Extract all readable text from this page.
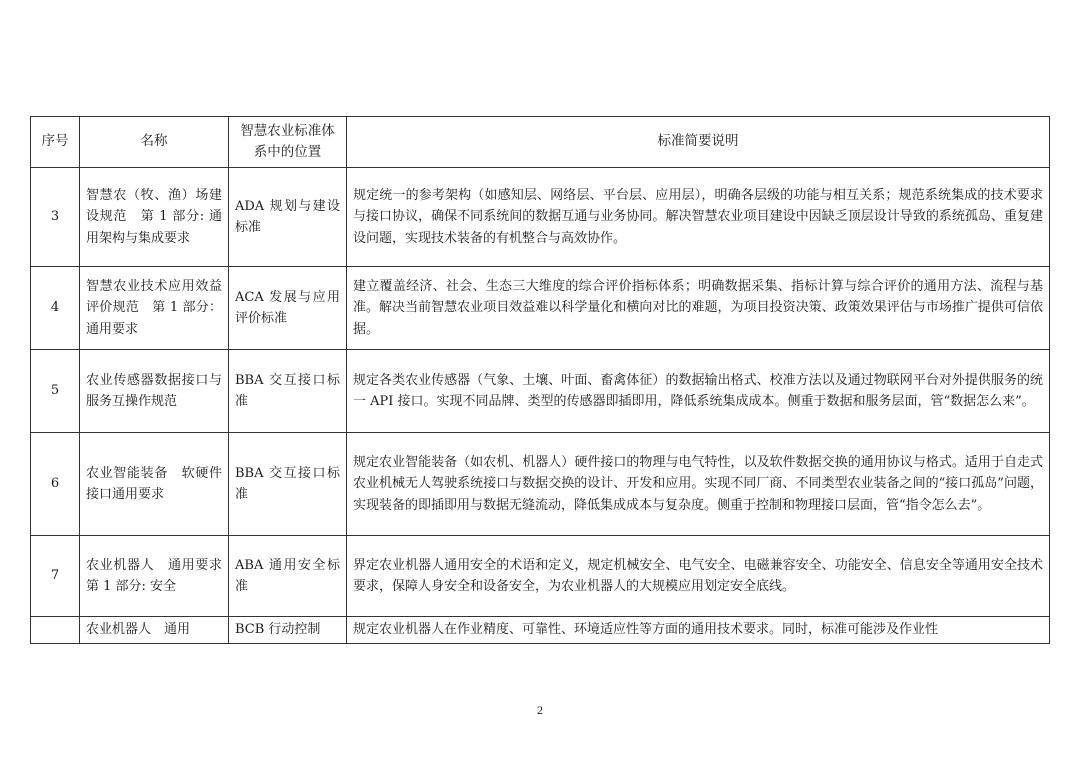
序号	名称	智慧农业标准体系中的位置	标准简要说明
3	智慧农（牧、渔）场建设规范　第 1 部分: 通用架构与集成要求	ADA 规划与建设标准	规定统一的参考架构（如感知层、网络层、平台层、应用层），明确各层级的功能与相互关系；规范系统集成的技术要求与接口协议，确保不同系统间的数据互通与业务协同。解决智慧农业项目建设中因缺乏顶层设计导致的系统孤岛、重复建设问题，实现技术装备的有机整合与高效协作。
4	智慧农业技术应用效益评价规范　第 1 部分：通用要求	ACA 发展与应用评价标准	建立覆盖经济、社会、生态三大维度的综合评价指标体系；明确数据采集、指标计算与综合评价的通用方法、流程与基准。解决当前智慧农业项目效益难以科学量化和横向对比的难题，为项目投资决策、政策效果评估与市场推广提供可信依据。
5	农业传感器数据接口与服务互操作规范	BBA 交互接口标准	规定各类农业传感器（气象、土壤、叶面、畜禽体征）的数据输出格式、校准方法以及通过物联网平台对外提供服务的统一 API 接口。实现不同品牌、类型的传感器即插即用，降低系统集成成本。侧重于数据和服务层面，管“数据怎么来”。
6	农业智能装备　软硬件接口通用要求	BBA 交互接口标准	规定农业智能装备（如农机、机器人）硬件接口的物理与电气特性，以及软件数据交换的通用协议与格式。适用于自走式农业机械无人驾驶系统接口与数据交换的设计、开发和应用。实现不同厂商、不同类型农业装备之间的“接口孤岛”问题，实现装备的即插即用与数据无缝流动，降低集成成本与复杂度。侧重于控制和物理接口层面，管“指令怎么去”。
7	农业机器人　通用要求　第 1 部分: 安全	ABA 通用安全标准	界定农业机器人通用安全的术语和定义，规定机械安全、电气安全、电磁兼容安全、功能安全、信息安全等通用安全技术要求，保障人身安全和设备安全，为农业机器人的大规模应用划定安全底线。
	农业机器人　通用	BCB 行动控制	规定农业机器人在作业精度、可靠性、环境适应性等方面的通用技术要求。同时，标准可能涉及作业性
2
